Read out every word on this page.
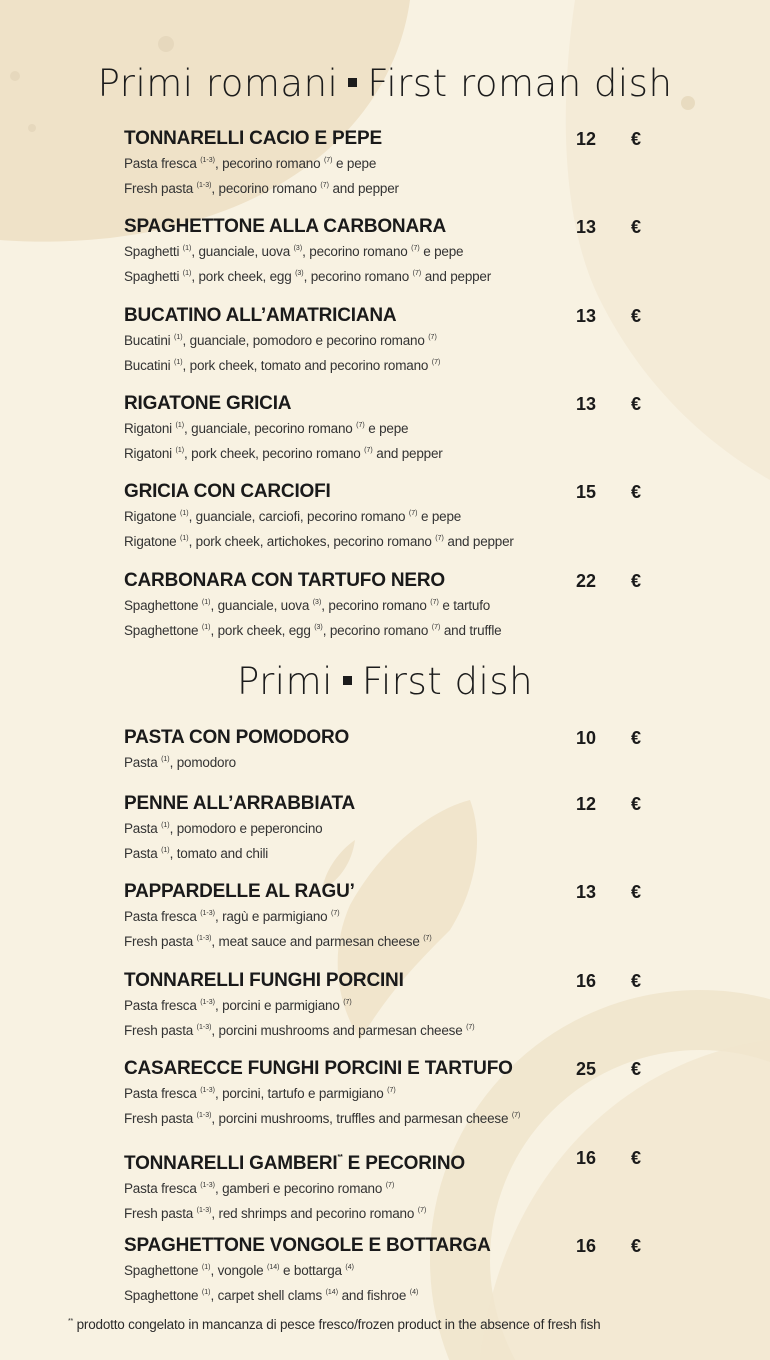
Primi romani First roman dish
TONNARELLI CACIO E PEPE	12 €
Pasta fresca $^{(1-3)}$, pecorino romano $^{(7)}$ e pepe
Fresh pasta $^{(1-3)}$, pecorino romano $^{(7)}$ and pepper
SPAGHETTONE ALLA CARBONARA	13 €
Spaghetti $^{(1)}$, guanciale, uova $^{(3)}$, pecorino romano $^{(7)}$ e pepe
Spaghetti $^{(1)}$, pork cheek, egg $^{(3)}$, pecorino romano $^{(7)}$ and pepper
BUCATINO ALL’AMATRICIANA	13 €
Bucatini $^{(1)}$, guanciale, pomodoro e pecorino romano $^{(7)}$
Bucatini $^{(1)}$, pork cheek, tomato and pecorino romano $^{(7)}$
RIGATONE GRICIA	13 €
Rigatoni $^{(1)}$, guanciale, pecorino romano $^{(7)}$ e pepe
Rigatoni $^{(1)}$, pork cheek, pecorino romano $^{(7)}$ and pepper
GRICIA CON CARCIOFI	15 €
Rigatone $^{(1)}$, guanciale, carciofi, pecorino romano $^{(7)}$ e pepe
Rigatone $^{(1)}$, pork cheek, artichokes, pecorino romano $^{(7)}$ and pepper
CARBONARA CON TARTUFO NERO	22 €
Spaghettone $^{(1)}$, guanciale, uova $^{(3)}$, pecorino romano $^{(7)}$ e tartufo
Spaghettone $^{(1)}$, pork cheek, egg $^{(3)}$, pecorino romano $^{(7)}$ and truffle
Primi First dish
PASTA CON POMODORO	10 €
Pasta $^{(1)}$, pomodoro
PENNE ALL’ARRABBIATA	12 €
Pasta $^{(1)}$, pomodoro e peperoncino
Pasta $^{(1)}$, tomato and chili
PAPPARDELLE AL RAGU’	13 €
Pasta fresca $^{(1-3)}$, ragù e parmigiano $^{(7)}$
Fresh pasta $^{(1-3)}$, meat sauce and parmesan cheese $^{(7)}$
TONNARELLI FUNGHI PORCINI	16 €
Pasta fresca $^{(1-3)}$, porcini e parmigiano $^{(7)}$
Fresh pasta $^{(1-3)}$, porcini mushrooms and parmesan cheese $^{(7)}$
CASARECCE FUNGHI PORCINI E TARTUFO	25 €
Pasta fresca $^{(1-3)}$, porcini, tartufo e parmigiano $^{(7)}$
Fresh pasta $^{(1-3)}$, porcini mushrooms, truffles and parmesan cheese $^{(7)}$
TONNARELLI GAMBERI** E PECORINO	16 €
Pasta fresca $^{(1-3)}$, gamberi e pecorino romano $^{(7)}$
Fresh pasta $^{(1-3)}$, red shrimps and pecorino romano $^{(7)}$
SPAGHETTONE VONGOLE E BOTTARGA	16 €
Spaghettone $^{(1)}$, vongole $^{(14)}$ e bottarga $^{(4)}$
Spaghettone $^{(1)}$, carpet shell clams $^{(14)}$ and fishroe $^{(4)}$
** prodotto congelato in mancanza di pesce fresco/frozen product in the absence of fresh fish
